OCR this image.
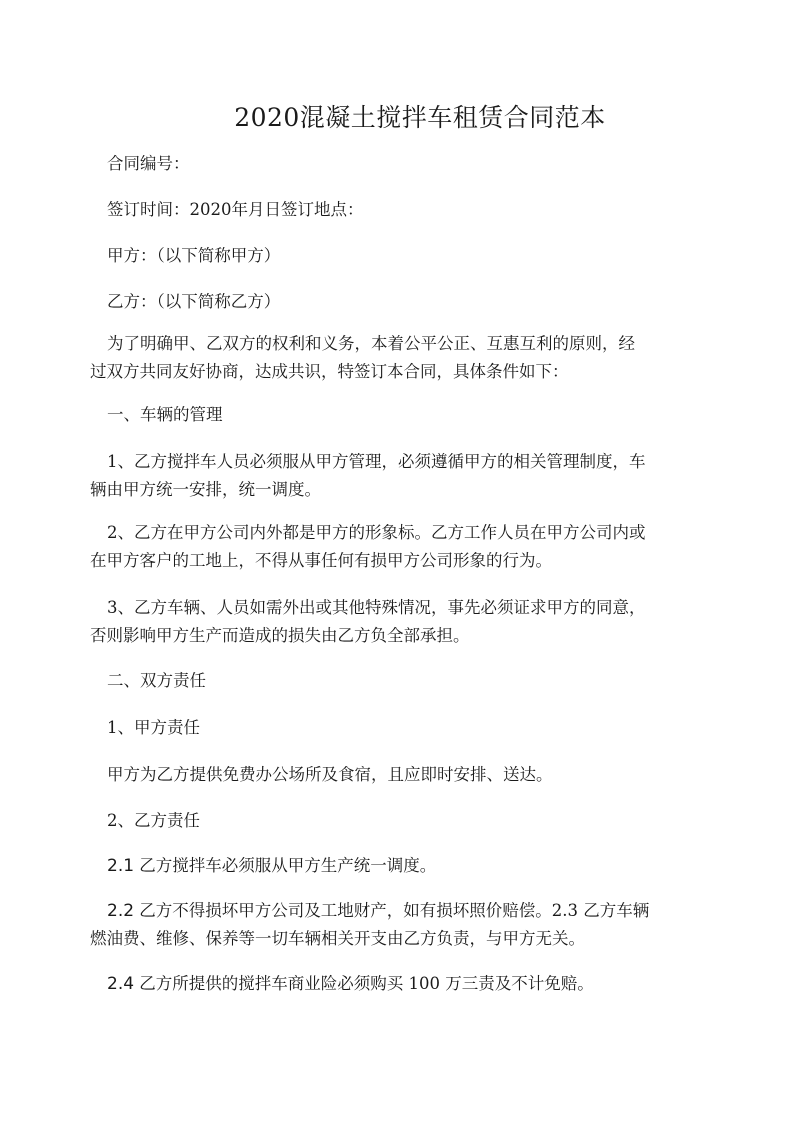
2020混凝土搅拌车租赁合同范本

合同编号：

签订时间：2020年月日签订地点：

甲方：（以下简称甲方）

乙方：（以下简称乙方）

为了明确甲、乙双方的权利和义务，本着公平公正、互惠互利的原则，经

过双方共同友好协商，达成共识，特签订本合同，具体条件如下：

一、车辆的管理

1、乙方搅拌车人员必须服从甲方管理，必须遵循甲方的相关管理制度，车

辆由甲方统一安排，统一调度。

2、乙方在甲方公司内外都是甲方的形象标。乙方工作人员在甲方公司内或

在甲方客户的工地上，不得从事任何有损甲方公司形象的行为。

3、乙方车辆、人员如需外出或其他特殊情况，事先必须证求甲方的同意，

否则影响甲方生产而造成的损失由乙方负全部承担。

二、双方责任

1、甲方责任

甲方为乙方提供免费办公场所及食宿，且应即时安排、送达。

2、乙方责任

2.1 乙方搅拌车必须服从甲方生产统一调度。

2.2 乙方不得损坏甲方公司及工地财产，如有损坏照价赔偿。2.3 乙方车辆

燃油费、维修、保养等一切车辆相关开支由乙方负责，与甲方无关。

2.4 乙方所提供的搅拌车商业险必须购买 100 万三责及不计免赔。
